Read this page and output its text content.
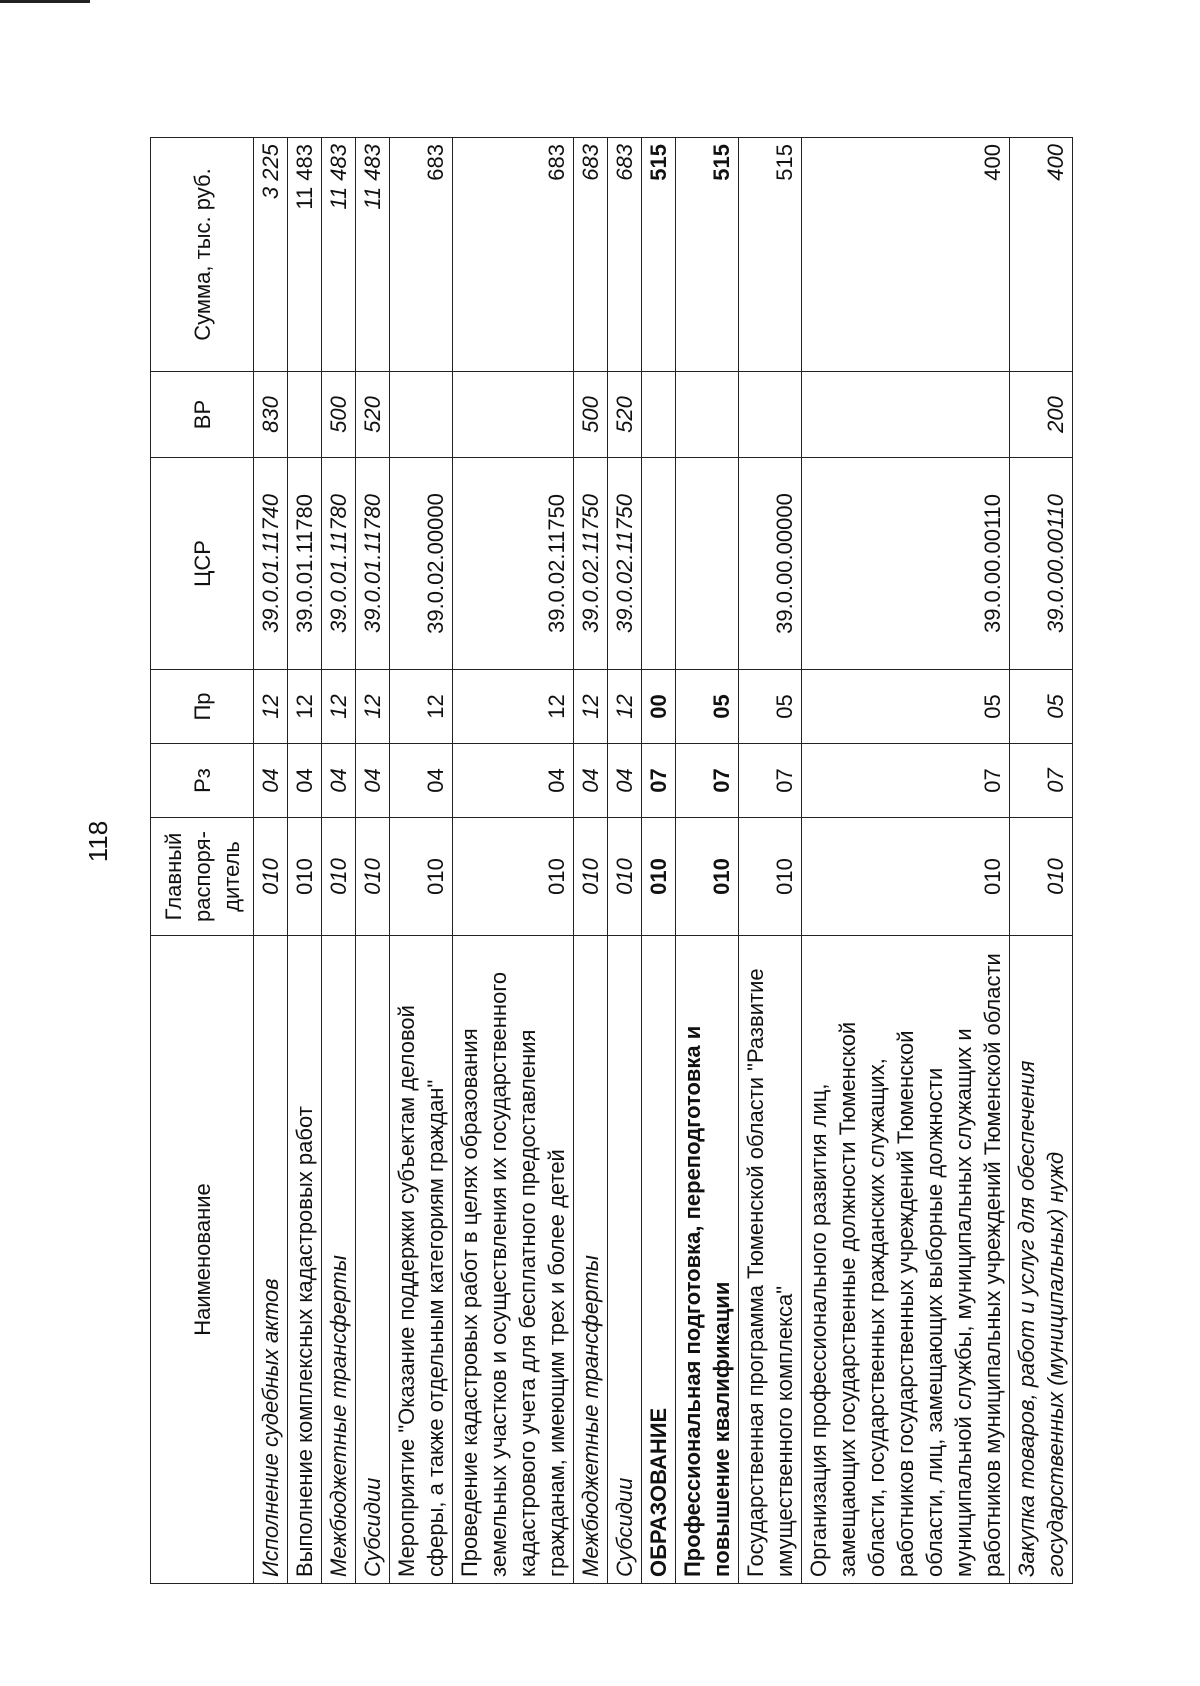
118
Наименование	Главный распоря-дитель	Рз	Пр	ЦСР	ВР	Сумма, тыс. руб.
Исполнение судебных актов	010	04	12	39.0.01.11740	830	3 225
Выполнение комплексных кадастровых работ	010	04	12	39.0.01.11780		11 483
Межбюджетные трансферты	010	04	12	39.0.01.11780	500	11 483
Субсидии	010	04	12	39.0.01.11780	520	11 483
Мероприятие "Оказание поддержки субъектам деловой сферы, а также отдельным категориям граждан"	010	04	12	39.0.02.00000		683
Проведение кадастровых работ в целях образования земельных участков и осуществления их государственного кадастрового учета для бесплатного предоставления гражданам, имеющим трех и более детей	010	04	12	39.0.02.11750		683
Межбюджетные трансферты	010	04	12	39.0.02.11750	500	683
Субсидии	010	04	12	39.0.02.11750	520	683
ОБРАЗОВАНИЕ	010	07	00			515
Профессиональная подготовка, переподготовка и повышение квалификации	010	07	05			515
Государственная программа Тюменской области "Развитие имущественного комплекса"	010	07	05	39.0.00.00000		515
Организация профессионального развития лиц, замещающих государственные должности Тюменской области, государственных гражданских служащих, работников государственных учреждений Тюменской области, лиц, замещающих выборные должности муниципальной службы, муниципальных служащих и работников муниципальных учреждений Тюменской области	010	07	05	39.0.00.00110		400
Закупка товаров, работ и услуг для обеспечения государственных (муниципальных) нужд	010	07	05	39.0.00.00110	200	400
